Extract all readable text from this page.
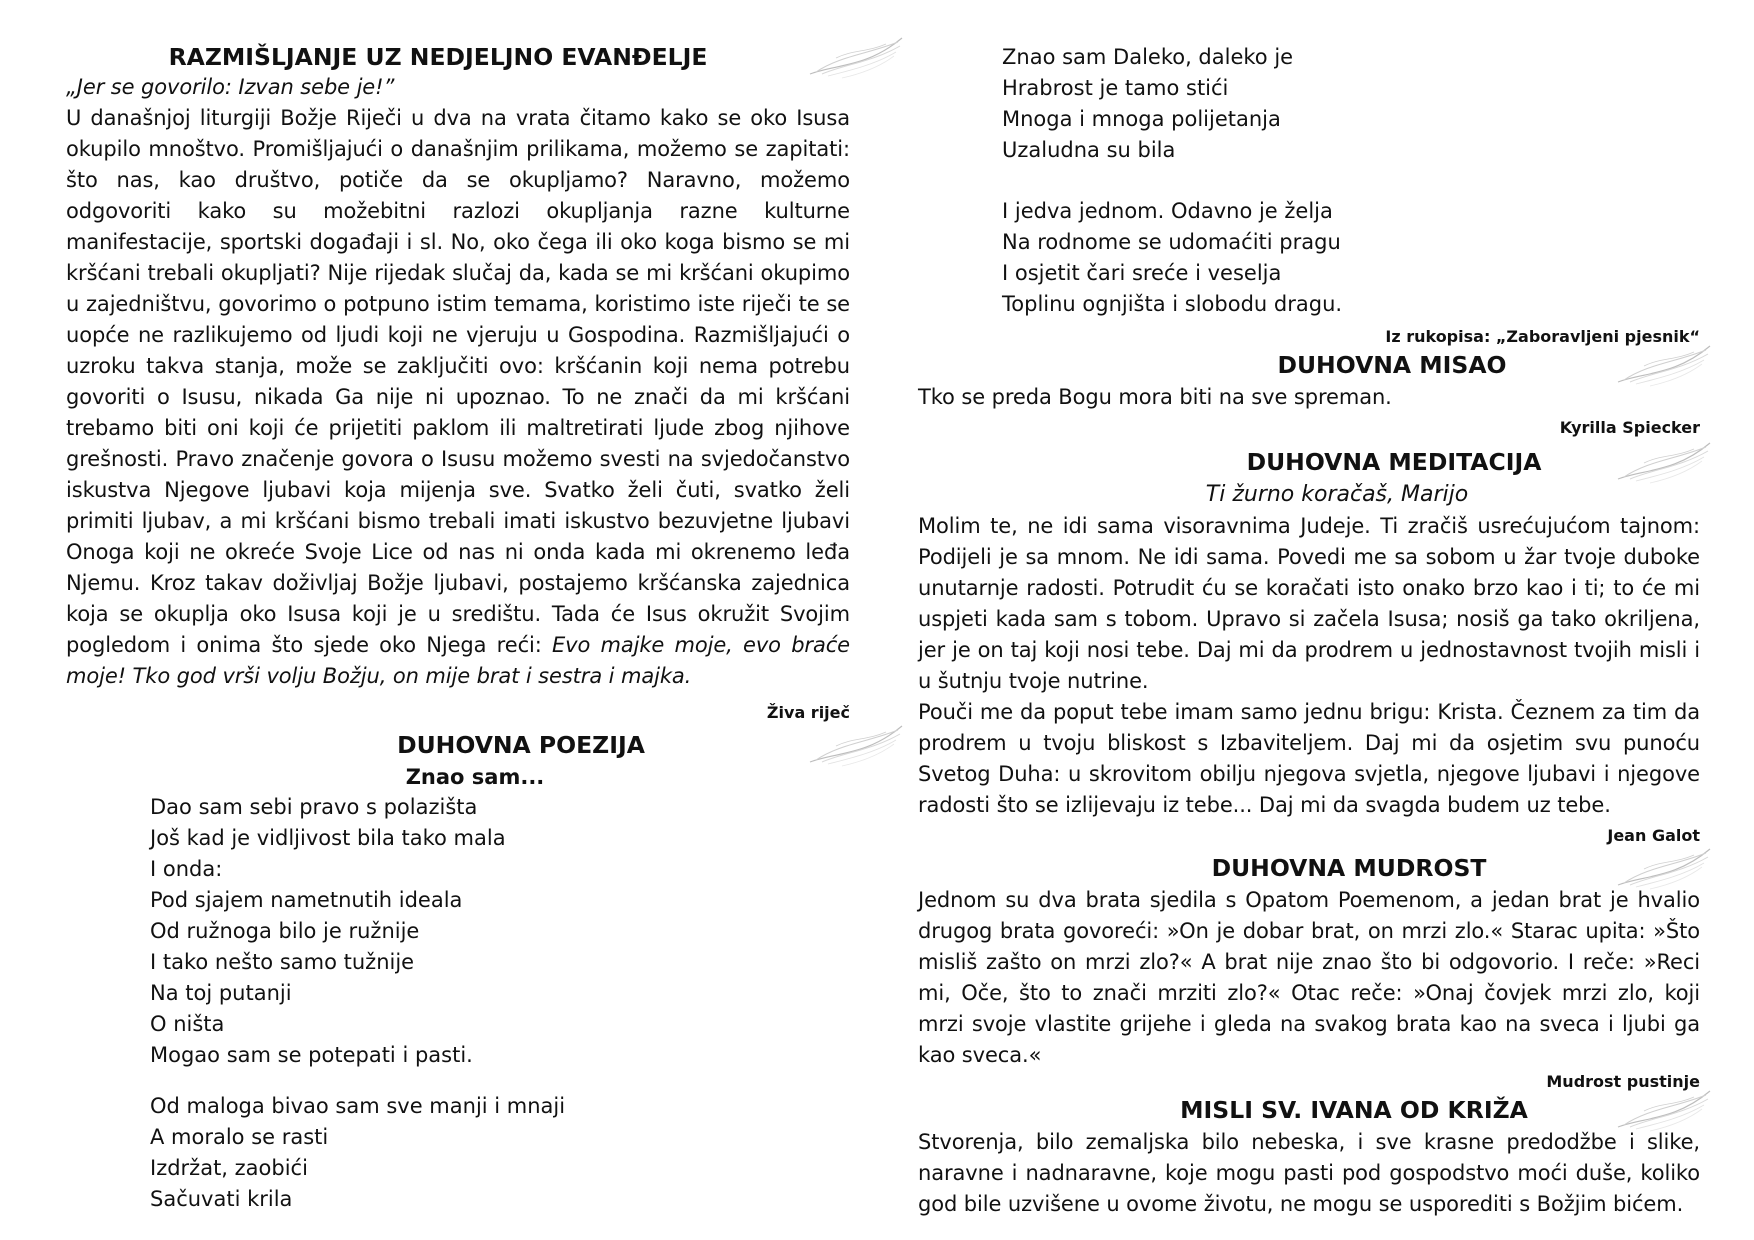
RAZMIŠLJANJE UZ NEDJELJNO EVANĐELJE

„Jer se govorilo: Izvan sebe je!”

U današnjoj liturgiji Božje Riječi u dva na vrata čitamo kako se oko Isusa okupilo mnoštvo. Promišljajući o današnjim prilikama, možemo se zapitati: što nas, kao društvo, potiče da se okupljamo? Naravno, možemo odgovoriti kako su možebitni razlozi okupljanja razne kulturne manifestacije, sportski događaji i sl. No, oko čega ili oko koga bismo se mi kršćani trebali okupljati? Nije rijedak slučaj da, kada se mi kršćani okupimo u zajedništvu, govorimo o potpuno istim temama, koristimo iste riječi te se uopće ne razlikujemo od ljudi koji ne vjeruju u Gospodina. Razmišljajući o uzroku takva stanja, može se zaključiti ovo: kršćanin koji nema potrebu govoriti o Isusu, nikada Ga nije ni upoznao. To ne znači da mi kršćani trebamo biti oni koji će prijetiti paklom ili maltretirati ljude zbog njihove grešnosti. Pravo značenje govora o Isusu možemo svesti na svjedočanstvo iskustva Njegove ljubavi koja mijenja sve. Svatko želi čuti, svatko želi primiti ljubav, a mi kršćani bismo trebali imati iskustvo bezuvjetne ljubavi Onoga koji ne okreće Svoje Lice od nas ni onda kada mi okrenemo leđa Njemu. Kroz takav doživljaj Božje ljubavi, postajemo kršćanska zajednica koja se okuplja oko Isusa koji je u središtu. Tada će Isus okružit Svojim pogledom i onima što sjede oko Njega reći: Evo majke moje, evo braće moje! Tko god vrši volju Božju, on mije brat i sestra i majka.

Živa riječ

DUHOVNA POEZIJA

Znao sam...

Dao sam sebi pravo s polazišta
Još kad je vidljivost bila tako mala
I onda:
Pod sjajem nametnutih ideala
Od ružnoga bilo je ružnije
I tako nešto samo tužnije
Na toj putanji
O ništa
Mogao sam se potepati i pasti.
Od maloga bivao sam sve manji i mnaji
A moralo se rasti
Izdržat, zaobići
Sačuvati krila
Znao sam Daleko, daleko je
Hrabrost je tamo stići
Mnoga i mnoga polijetanja
Uzaludna su bila
I jedva jednom. Odavno je želja
Na rodnome se udomaćiti pragu
I osjetit čari sreće i veselja
Toplinu ognjišta i slobodu dragu.

Iz rukopisa: „Zaboravljeni pjesnik“

DUHOVNA MISAO

Tko se preda Bogu mora biti na sve spreman.

Kyrilla Spiecker

DUHOVNA MEDITACIJA

Ti žurno koračaš, Marijo

Molim te, ne idi sama visoravnima Judeje. Ti zračiš usrećujućom tajnom: Podijeli je sa mnom. Ne idi sama. Povedi me sa sobom u žar tvoje duboke unutarnje radosti. Potrudit ću se koračati isto onako brzo kao i ti; to će mi uspjeti kada sam s tobom. Upravo si začela Isusa; nosiš ga tako okriljena, jer je on taj koji nosi tebe. Daj mi da prodrem u jednostavnost tvojih misli i u šutnju tvoje nutrine.

Pouči me da poput tebe imam samo jednu brigu: Krista. Čeznem za tim da prodrem u tvoju bliskost s Izbaviteljem. Daj mi da osjetim svu punoću Svetog Duha: u skrovitom obilju njegova svjetla, njegove ljubavi i njegove radosti što se izlijevaju iz tebe... Daj mi da svagda budem uz tebe.

Jean Galot

DUHOVNA MUDROST

Jednom su dva brata sjedila s Opatom Poemenom, a jedan brat je hvalio drugog brata govoreći: »On je dobar brat, on mrzi zlo.« Starac upita: »Što misliš zašto on mrzi zlo?« A brat nije znao što bi odgovorio. I reče: »Reci mi, Oče, što to znači mrziti zlo?« Otac reče: »Onaj čovjek mrzi zlo, koji mrzi svoje vlastite grijehe i gleda na svakog brata kao na sveca i ljubi ga kao sveca.«

Mudrost pustinje

MISLI SV. IVANA OD KRIŽA

Stvorenja, bilo zemaljska bilo nebeska, i sve krasne predodžbe i slike, naravne i nadnaravne, koje mogu pasti pod gospodstvo moći duše, koliko god bile uzvišene u ovome životu, ne mogu se usporediti s Božjim bićem.
